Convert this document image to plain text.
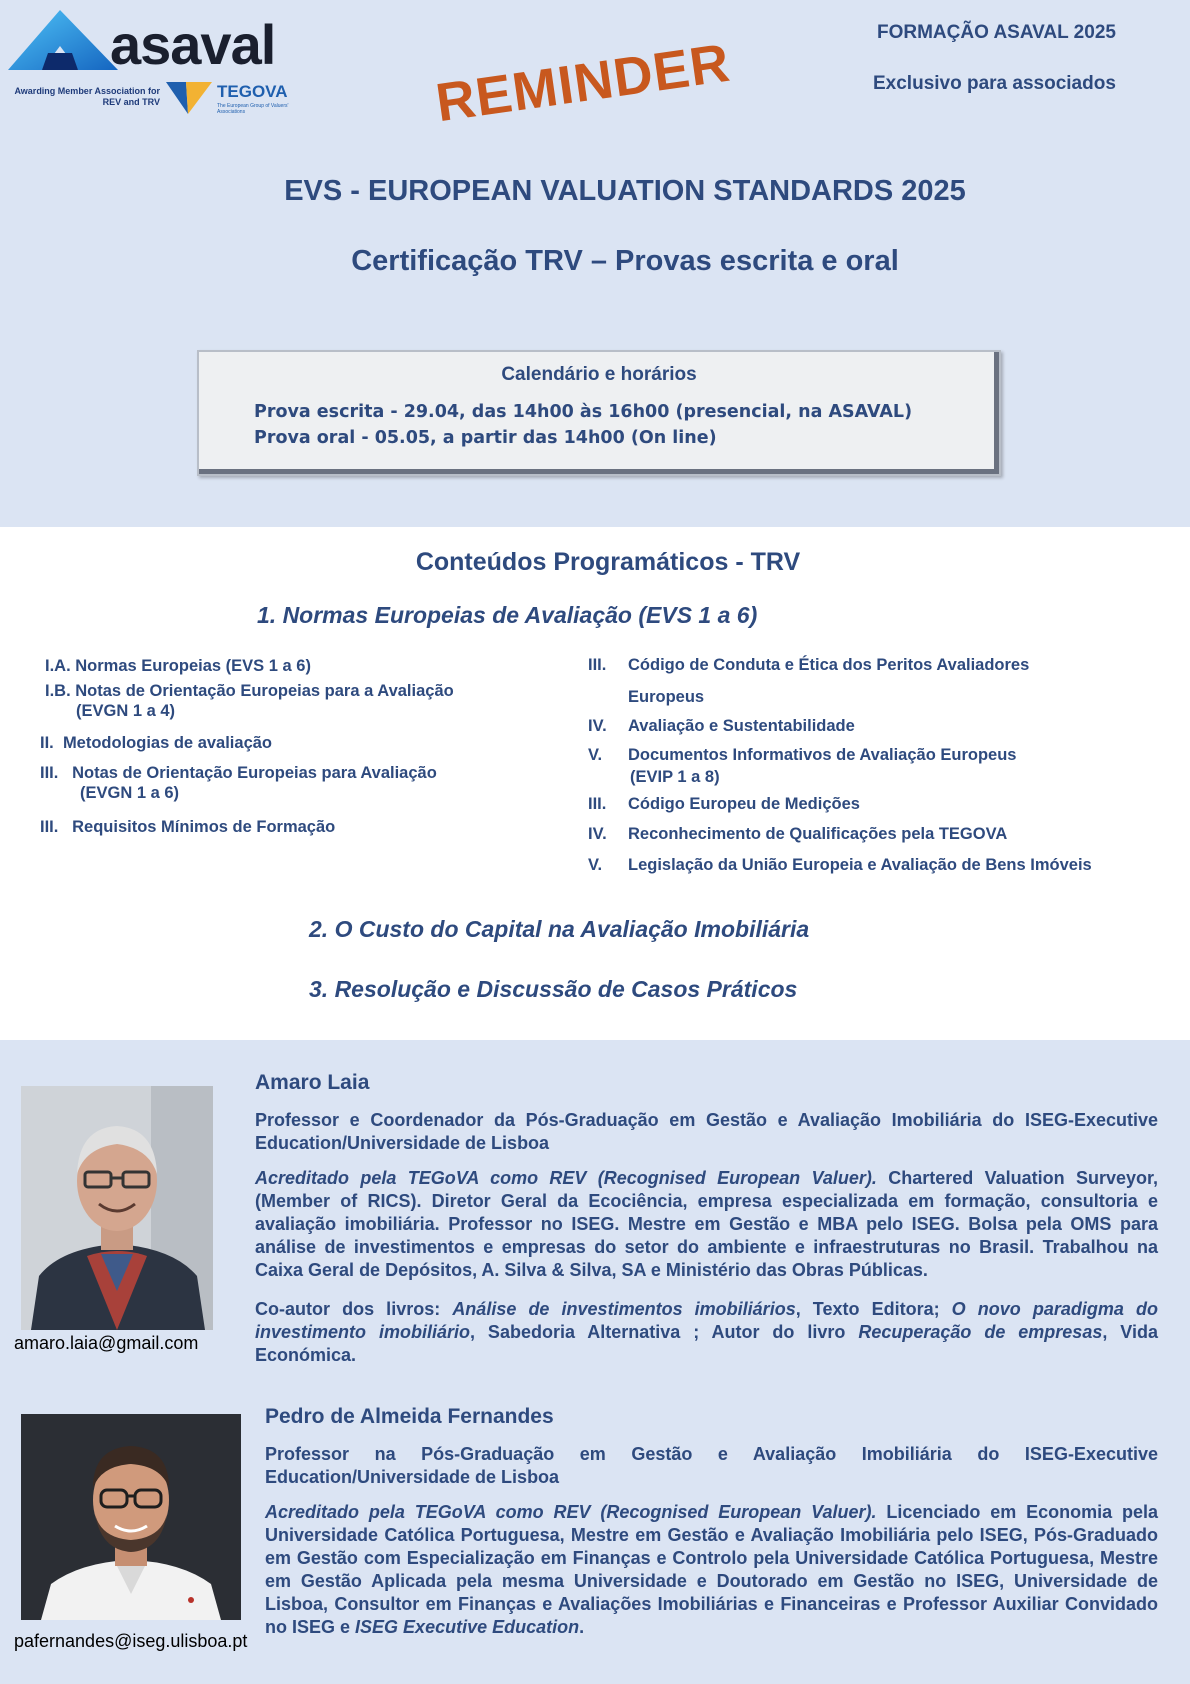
asaval
Awarding Member Association for REV and TRV
TEGOVA
The European Group of Valuers' Associations	REMINDER
FORMAÇÃO ASAVAL 2025
Exclusivo para associados
EVS - EUROPEAN VALUATION STANDARDS 2025
Certificação TRV – Provas escrita e oral
Calendário e horários
Prova escrita - 29.04, das 14h00 às 16h00 (presencial, na ASAVAL)
Prova oral - 05.05, a partir das 14h00 (On line)
Conteúdos Programáticos - TRV
1. Normas Europeias de Avaliação (EVS 1 a 6)
I.A. Normas Europeias (EVS 1 a 6)
I.B. Notas de Orientação Europeias para a Avaliação
(EVGN 1 a 4)
II. Metodologias de avaliação
III. Notas de Orientação Europeias para Avaliação
(EVGN 1 a 6)
III. Requisitos Mínimos de Formação
III. Código de Conduta e Ética dos Peritos Avaliadores
Europeus
IV. Avaliação e Sustentabilidade
V. Documentos Informativos de Avaliação Europeus
(EVIP 1 a 8)
III. Código Europeu de Medições
IV. Reconhecimento de Qualificações pela TEGOVA
V. Legislação da União Europeia e Avaliação de Bens Imóveis
2. O Custo do Capital na Avaliação Imobiliária
3. Resolução e Discussão de Casos Práticos
amaro.laia@gmail.com
Amaro Laia
Professor e Coordenador da Pós-Graduação em Gestão e Avaliação Imobiliária do ISEG-Executive Education/Universidade de Lisboa
Acreditado pela TEGoVA como REV (Recognised European Valuer). Chartered Valuation Surveyor, (Member of RICS). Diretor Geral da Ecociência, empresa especializada em formação, consultoria e avaliação imobiliária. Professor no ISEG. Mestre em Gestão e MBA pelo ISEG. Bolsa pela OMS para análise de investimentos e empresas do setor do ambiente e infraestruturas no Brasil. Trabalhou na Caixa Geral de Depósitos, A. Silva & Silva, SA e Ministério das Obras Públicas.
Co-autor dos livros: Análise de investimentos imobiliários, Texto Editora; O novo paradigma do investimento imobiliário, Sabedoria Alternativa ; Autor do livro Recuperação de empresas, Vida Económica.
pafernandes@iseg.ulisboa.pt
Pedro de Almeida Fernandes
Professor na Pós-Graduação em Gestão e Avaliação Imobiliária do ISEG-Executive Education/Universidade de Lisboa
Acreditado pela TEGoVA como REV (Recognised European Valuer). Licenciado em Economia pela Universidade Católica Portuguesa, Mestre em Gestão e Avaliação Imobiliária pelo ISEG, Pós-Graduado em Gestão com Especialização em Finanças e Controlo pela Universidade Católica Portuguesa, Mestre em Gestão Aplicada pela mesma Universidade e Doutorado em Gestão no ISEG, Universidade de Lisboa, Consultor em Finanças e Avaliações Imobiliárias e Financeiras e Professor Auxiliar Convidado no ISEG e ISEG Executive Education.
